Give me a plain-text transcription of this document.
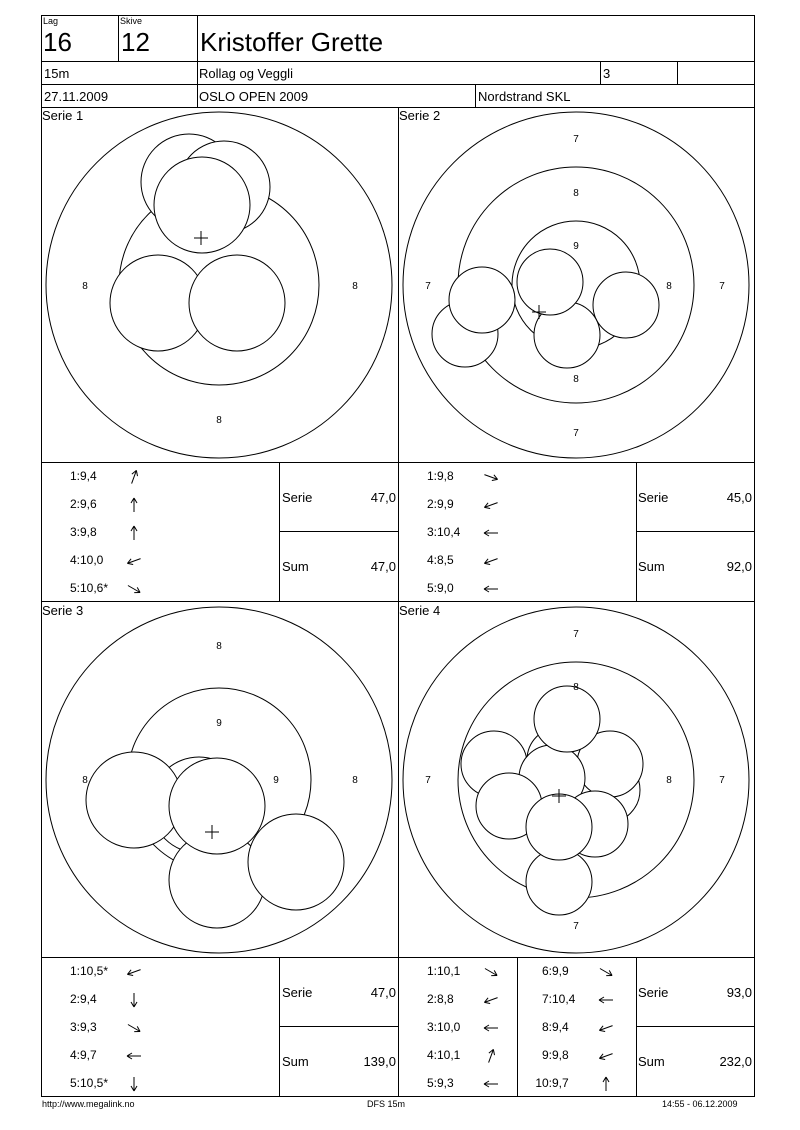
Lag
16
Skive
12 Kristoffer Grette
15m	Rollag og Veggli	3
27.11.2009	OSLO OPEN 2009	Nordstrand SKL
Serie 1	Serie 2
Serie 3	Serie 4
8	8
8
7
8
9
7	8
8
7
7
8
9
8	9	8
7
8
7	8	7
7
1:9,4
2:9,6
3:9,8
4:10,0
5:10,6*
1:9,8
2:9,9
3:10,4
4:8,5
5:9,0
1:10,5*
2:9,4
3:9,3
4:9,7
5:10,5*
1:10,1
2:8,8
3:10,0
4:10,1
5:9,3
6:9,9
7:10,4
8:9,4
9:9,8
10:9,7
Serie	47,0
Sum	47,0
Serie	45,0
Sum	92,0
Serie	47,0
Sum	139,0
Serie	93,0
Sum	232,0
http://www.megalink.no	DFS 15m	14:55 - 06.12.2009
